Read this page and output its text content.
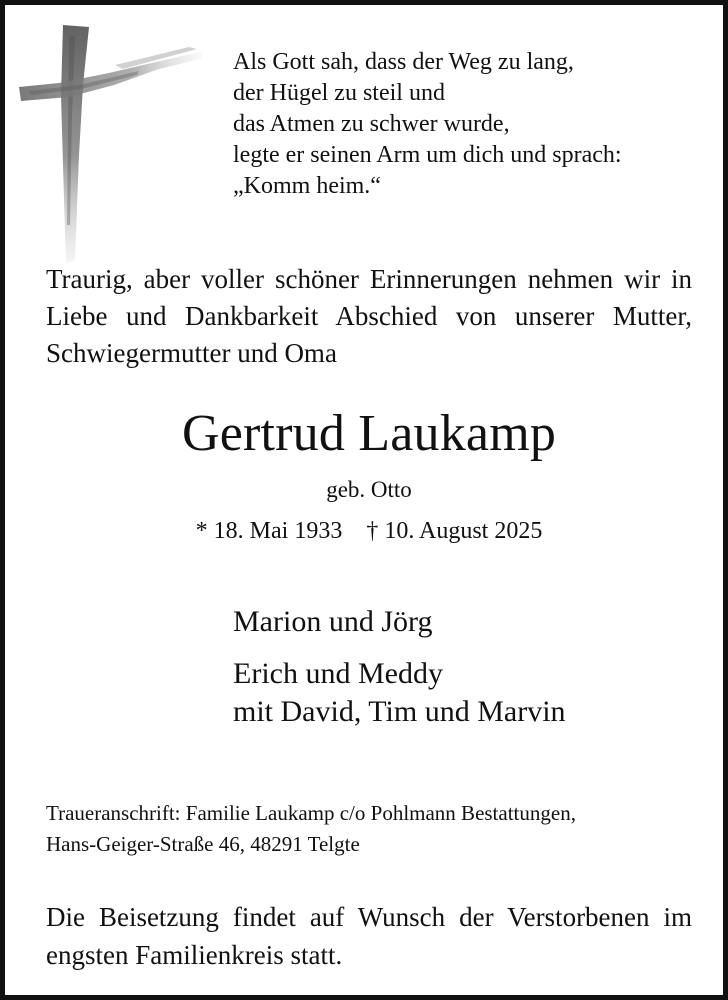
Als Gott sah, dass der Weg zu lang,
der Hügel zu steil und
das Atmen zu schwer wurde,
legte er seinen Arm um dich und sprach:
„Komm heim.“
Traurig, aber voller schöner Erinnerungen nehmen wir in Liebe und Dankbarkeit Abschied von unserer Mutter, Schwiegermutter und Oma
Gertrud Laukamp
geb. Otto
* 18. Mai 1933 † 10. August 2025
Marion und Jörg
Erich und Meddy
mit David, Tim und Marvin
Traueranschrift: Familie Laukamp c/o Pohlmann Bestattungen,
Hans-Geiger-Straße 46, 48291 Telgte
Die Beisetzung findet auf Wunsch der Verstorbenen im engsten Familienkreis statt.
